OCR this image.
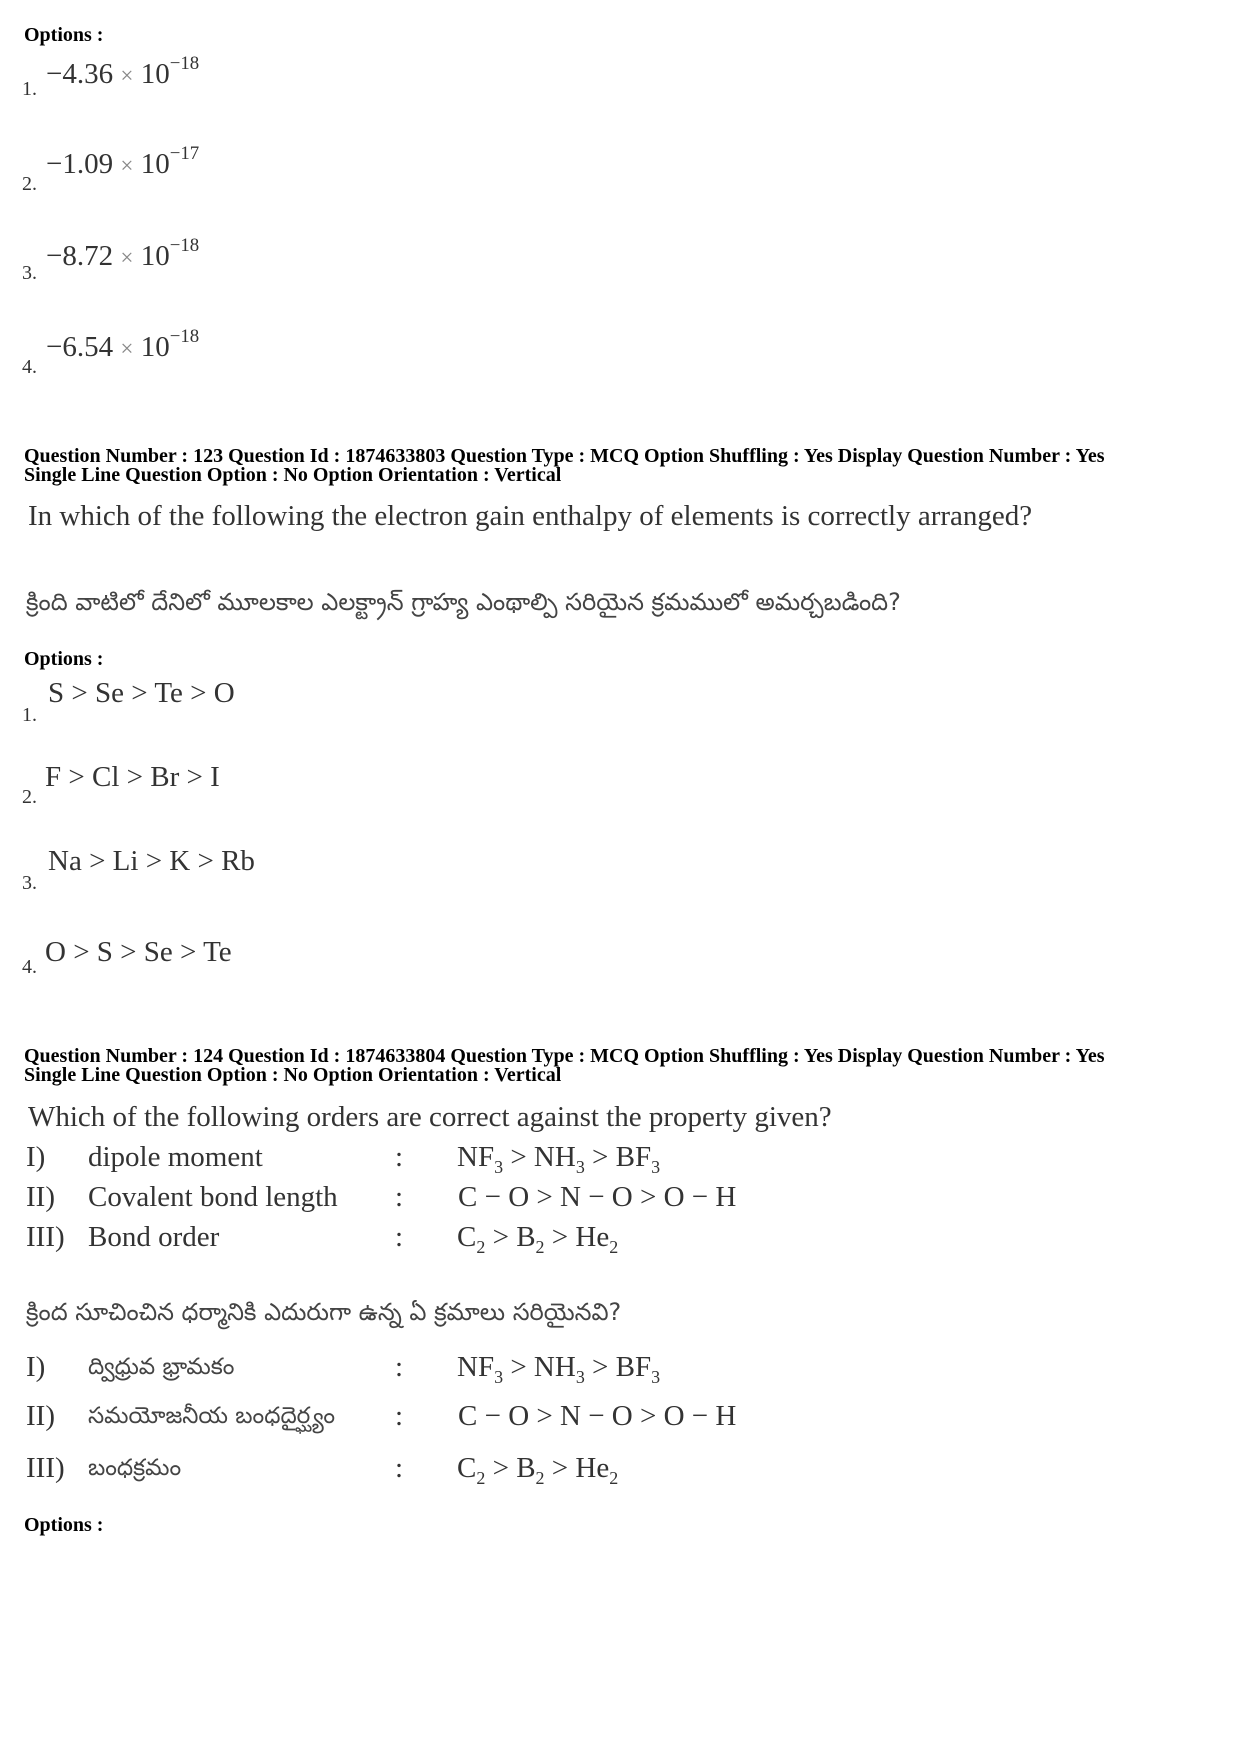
Options :
1. $-4.36 \times 10^{-18}$
2.
$-1.09 \times 10^{-17}$
3.
$-8.72 \times 10^{-18}$
4.
$-6.54 \times 10^{-18}$
Question Number : 123 Question Id : 1874633803 Question Type : MCQ Option Shuffling : Yes Display Question Number : Yes
Single Line Question Option : No Option Orientation : Vertical
In which of the following the electron gain enthalpy of elements is correctly arranged?
క్రింది వాటిలో దేనిలో మూలకాల ఎలక్ట్రాన్ గ్రాహ్య ఎంథాల్పి సరియైన క్రమములో అమర్చబడింది?
Options :
1.
S > Se > Te > O
2.
F > Cl > Br > I
3.
Na > Li > K > Rb
4. O > S > Se > Te
Question Number : 124 Question Id : 1874633804 Question Type : MCQ Option Shuffling : Yes Display Question Number : Yes
Single Line Question Option : No Option Orientation : Vertical
Which of the following orders are correct against the property given?
I) dipole moment	: $NF_3 > NH_3 > BF_3$
II) Covalent bond length : C − O > N − O > O − H
III) Bond order	: $C_2 > B_2 > He_2$
క్రింద సూచించిన ధర్మానికి ఎదురుగా ఉన్న ఏ క్రమాలు సరియైనవి?
I) ద్విధ్రువ భ్రామకం	: $NF_3 > NH_3 > BF_3$
II) సమయోజనీయ బంధదైర్ఘ్యం : C − O > N − O > O − H
III) బంధక్రమం	: $C_2 > B_2 > He_2$
Options :
